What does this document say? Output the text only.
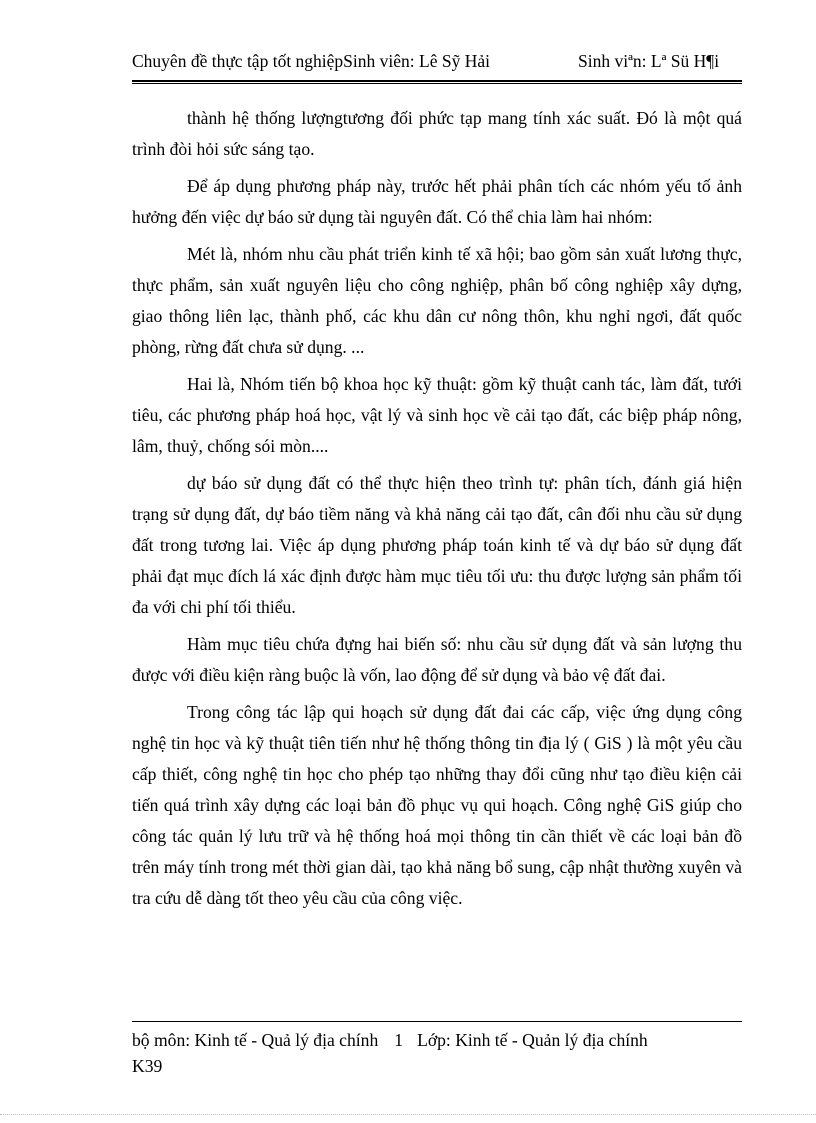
Chuyên đề thực tập tốt nghiệpSinh viên: Lê Sỹ Hải	Sinh viªn: Lª Sü H¶i

thành hệ thống lượngtương đối phức tạp mang tính xác suất. Đó là một quá trình đòi hỏi sức sáng tạo.

Để áp dụng phương pháp này, trước hết phải phân tích các nhóm yếu tố ảnh hưởng đến việc dự báo sử dụng tài nguyên đất. Có thể chia làm hai nhóm:

Mét là, nhóm nhu cầu phát triển kinh tế xã hội; bao gồm sản xuất lương thực, thực phẩm, sản xuất nguyên liệu cho công nghiệp, phân bố công nghiệp xây dựng, giao thông liên lạc, thành phố, các khu dân cư nông thôn, khu nghỉ ngơi, đất quốc phòng, rừng đất chưa sử dụng. ...

Hai là, Nhóm tiến bộ khoa học kỹ thuật: gồm kỹ thuật canh tác, làm đất, tưới tiêu, các phương pháp hoá học, vật lý và sinh học về cải tạo đất, các biệp pháp nông, lâm, thuỷ, chống sói mòn....

dự báo sử dụng đất có thể thực hiện theo trình tự: phân tích, đánh giá hiện trạng sử dụng đất, dự báo tiềm năng và khả năng cải tạo đất, cân đối nhu cầu sử dụng đất trong tương lai. Việc áp dụng phương pháp toán kinh tế và dự báo sử dụng đất phải đạt mục đích lá xác định được hàm mục tiêu tối ưu: thu được lượng sản phẩm tối đa với chi phí tối thiểu.

Hàm mục tiêu chứa đựng hai biến số: nhu cầu sử dụng đất và sản lượng thu được với điều kiện ràng buộc là vốn, lao động để sử dụng và bảo vệ đất đai.

Trong công tác lập qui hoạch sử dụng đất đai các cấp, việc ứng dụng công nghệ tin học và kỹ thuật tiên tiến như hệ thống thông tin địa lý ( GiS ) là một yêu cầu cấp thiết, công nghệ tin học cho phép tạo những thay đổi cũng như tạo điều kiện cải tiến quá trình xây dựng các loại bản đồ phục vụ qui hoạch. Công nghệ GiS giúp cho công tác quản lý lưu trữ và hệ thống hoá mọi thông tin cần thiết về các loại bản đồ trên máy tính trong mét thời gian dài, tạo khả năng bổ sung, cập nhật thường xuyên và tra cứu dễ dàng tốt theo yêu cầu của công việc.

bộ môn: Kinh tế - Quả lý địa chính 1 Lớp: Kinh tế - Quản lý địa chính
K39
